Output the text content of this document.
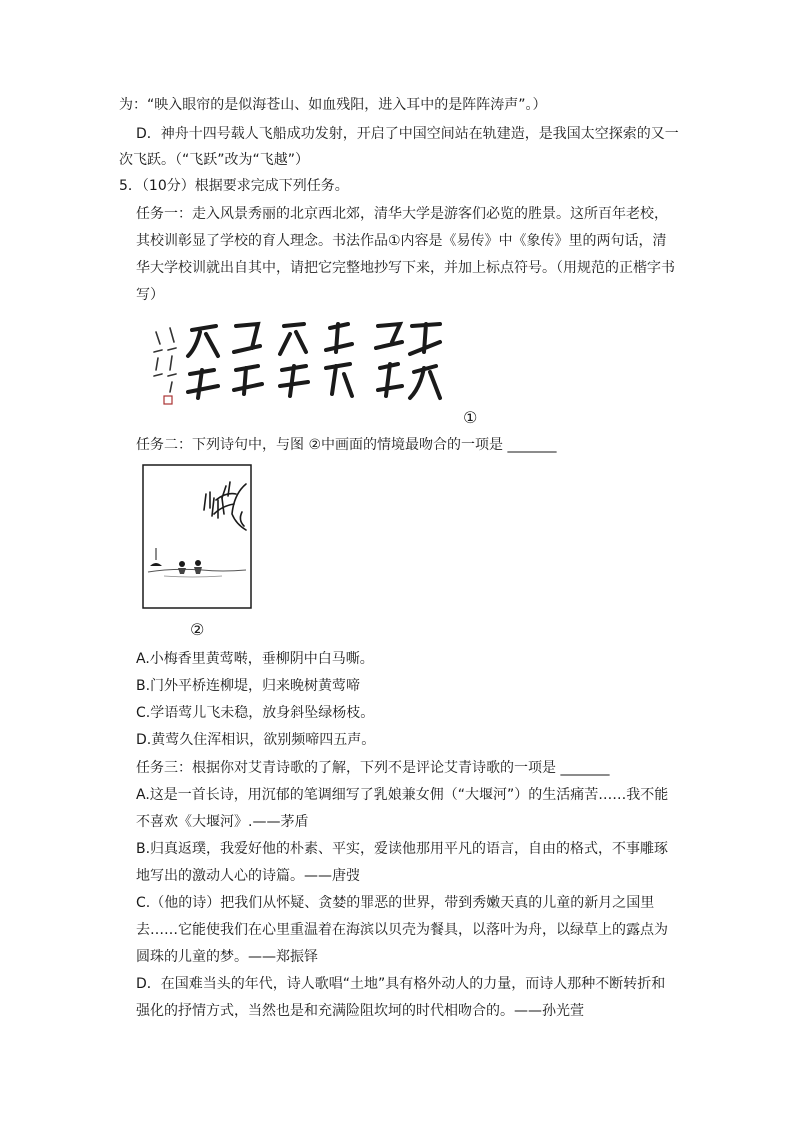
为：“映入眼帘的是似海苍山、如血残阳，进入耳中的是阵阵涛声”。）
D．神舟十四号载人飞船成功发射，开启了中国空间站在轨建造，是我国太空探索的又一
次飞跃。（“飞跃”改为“飞越”）
5．（10分）根据要求完成下列任务。
任务一：走入风景秀丽的北京西北郊，清华大学是游客们必览的胜景。这所百年老校，
其校训彰显了学校的育人理念。书法作品①内容是《易传》中《象传》里的两句话，清
华大学校训就出自其中，请把它完整地抄写下来，并加上标点符号。（用规范的正楷字书
写）
①
任务二：下列诗句中，与图 ②中画面的情境最吻合的一项是 _______
②
A.小梅香里黄莺啭，垂柳阴中白马嘶。
B.门外平桥连柳堤，归来晚树黄莺啼
C.学语莺儿飞未稳，放身斜坠绿杨枝。
D.黄莺久住浑相识，欲别频啼四五声。
任务三：根据你对艾青诗歌的了解，下列不是评论艾青诗歌的一项是 _______
A.这是一首长诗，用沉郁的笔调细写了乳娘兼女佣（“大堰河”）的生活痛苦……我不能
不喜欢《大堰河》.——茅盾
B.归真返璞，我爱好他的朴素、平实，爱读他那用平凡的语言，自由的格式，不事雕琢
地写出的激动人心的诗篇。——唐弢
C.（他的诗）把我们从怀疑、贪婪的罪恶的世界，带到秀嫩天真的儿童的新月之国里
去……它能使我们在心里重温着在海滨以贝壳为餐具，以落叶为舟，以绿草上的露点为
圆珠的儿童的梦。——郑振铎
D．在国难当头的年代，诗人歌唱“土地”具有格外动人的力量，而诗人那种不断转折和
强化的抒情方式，当然也是和充满险阻坎坷的时代相吻合的。——孙光萱
